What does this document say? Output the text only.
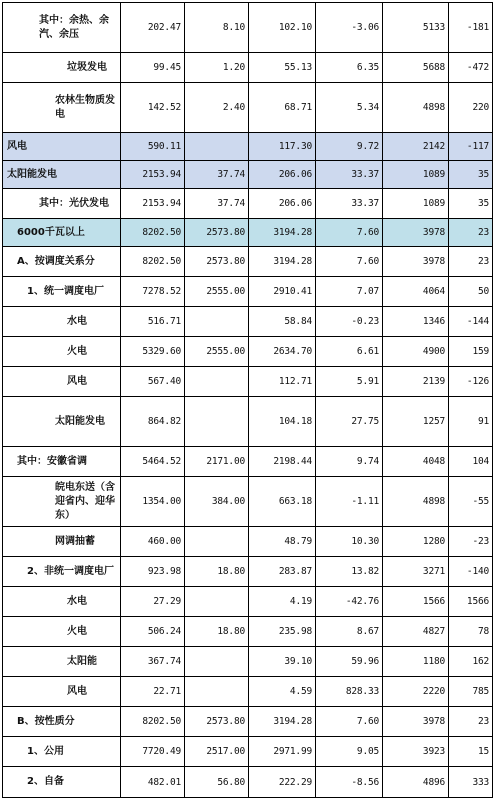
其中：余热、余汽、余压	202.47	8.10	102.10	-3.06	5133	-181
垃圾发电	99.45	1.20	55.13	6.35	5688	-472
农林生物质发电	142.52	2.40	68.71	5.34	4898	220
风电	590.11		117.30	9.72	2142	-117
太阳能发电	2153.94	37.74	206.06	33.37	1089	35
其中：光伏发电	2153.94	37.74	206.06	33.37	1089	35
6000千瓦以上	8202.50	2573.80	3194.28	7.60	3978	23
A、按调度关系分	8202.50	2573.80	3194.28	7.60	3978	23
1、统一调度电厂	7278.52	2555.00	2910.41	7.07	4064	50
水电	516.71		58.84	-0.23	1346	-144
火电	5329.60	2555.00	2634.70	6.61	4900	159
风电	567.40		112.71	5.91	2139	-126
太阳能发电	864.82		104.18	27.75	1257	91
其中：安徽省调	5464.52	2171.00	2198.44	9.74	4048	104
皖电东送（含迎省内、迎华东）	1354.00	384.00	663.18	-1.11	4898	-55
网调抽蓄	460.00		48.79	10.30	1280	-23
2、非统一调度电厂	923.98	18.80	283.87	13.82	3271	-140
水电	27.29		4.19	-42.76	1566	1566
火电	506.24	18.80	235.98	8.67	4827	78
太阳能	367.74		39.10	59.96	1180	162
风电	22.71		4.59	828.33	2220	785
B、按性质分	8202.50	2573.80	3194.28	7.60	3978	23
1、公用	7720.49	2517.00	2971.99	9.05	3923	15
2、自备	482.01	56.80	222.29	-8.56	4896	333
